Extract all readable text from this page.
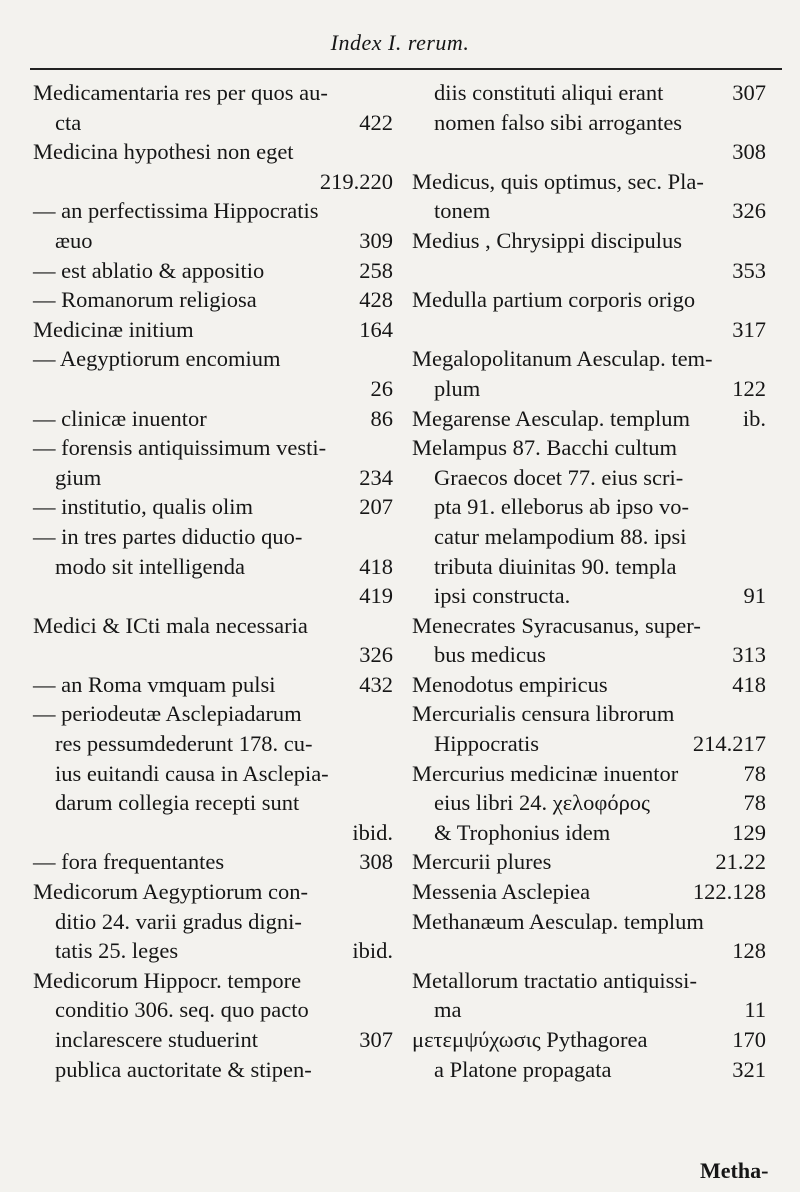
Index I. rerum.
Medicamentaria res per quos au-
cta	422
Medicina hypothesi non eget
219.220
— an perfectissima Hippocratis
æuo	309
— est ablatio & appositio	258
— Romanorum religiosa	428
Medicinæ initium	164
— Aegyptiorum encomium
26
— clinicæ inuentor	86
— forensis antiquissimum vesti-
gium	234
— institutio, qualis olim	207
— in tres partes diductio quo-
modo sit intelligenda	418
419
Medici & ICti mala necessaria
326
— an Roma vmquam pulsi	432
— periodeutæ Asclepiadarum
res pessumdederunt 178. cu-
ius euitandi causa in Asclepia-
darum collegia recepti sunt
ibid.
— fora frequentantes	308
Medicorum Aegyptiorum con-
ditio 24. varii gradus digni-
tatis 25. leges	ibid.
Medicorum Hippocr. tempore
conditio 306. seq. quo pacto
inclarescere studuerint	307
publica auctoritate & stipen-
diis constituti aliqui erant	307
nomen falso sibi arrogantes
308
Medicus, quis optimus, sec. Pla-
tonem	326
Medius , Chrysippi discipulus
353
Medulla partium corporis origo
317
Megalopolitanum Aesculap. tem-
plum	122
Megarense Aesculap. templum ib.
Melampus 87. Bacchi cultum
Graecos docet 77. eius scri-
pta 91. elleborus ab ipso vo-
catur melampodium 88. ipsi
tributa diuinitas 90. templa
ipsi constructa.	91
Menecrates Syracusanus, super-
bus medicus	313
Menodotus empiricus	418
Mercurialis censura librorum
Hippocratis	214.217
Mercurius medicinæ inuentor	78
eius libri 24. χελοφόρος	78
& Trophonius idem	129
Mercurii plures	21.22
Messenia Asclepiea	122.128
Methanæum Aesculap. templum
128
Metallorum tractatio antiquissi-
ma	11
μετεμψύχωσις Pythagorea	170
a Platone propagata	321
Metha-
